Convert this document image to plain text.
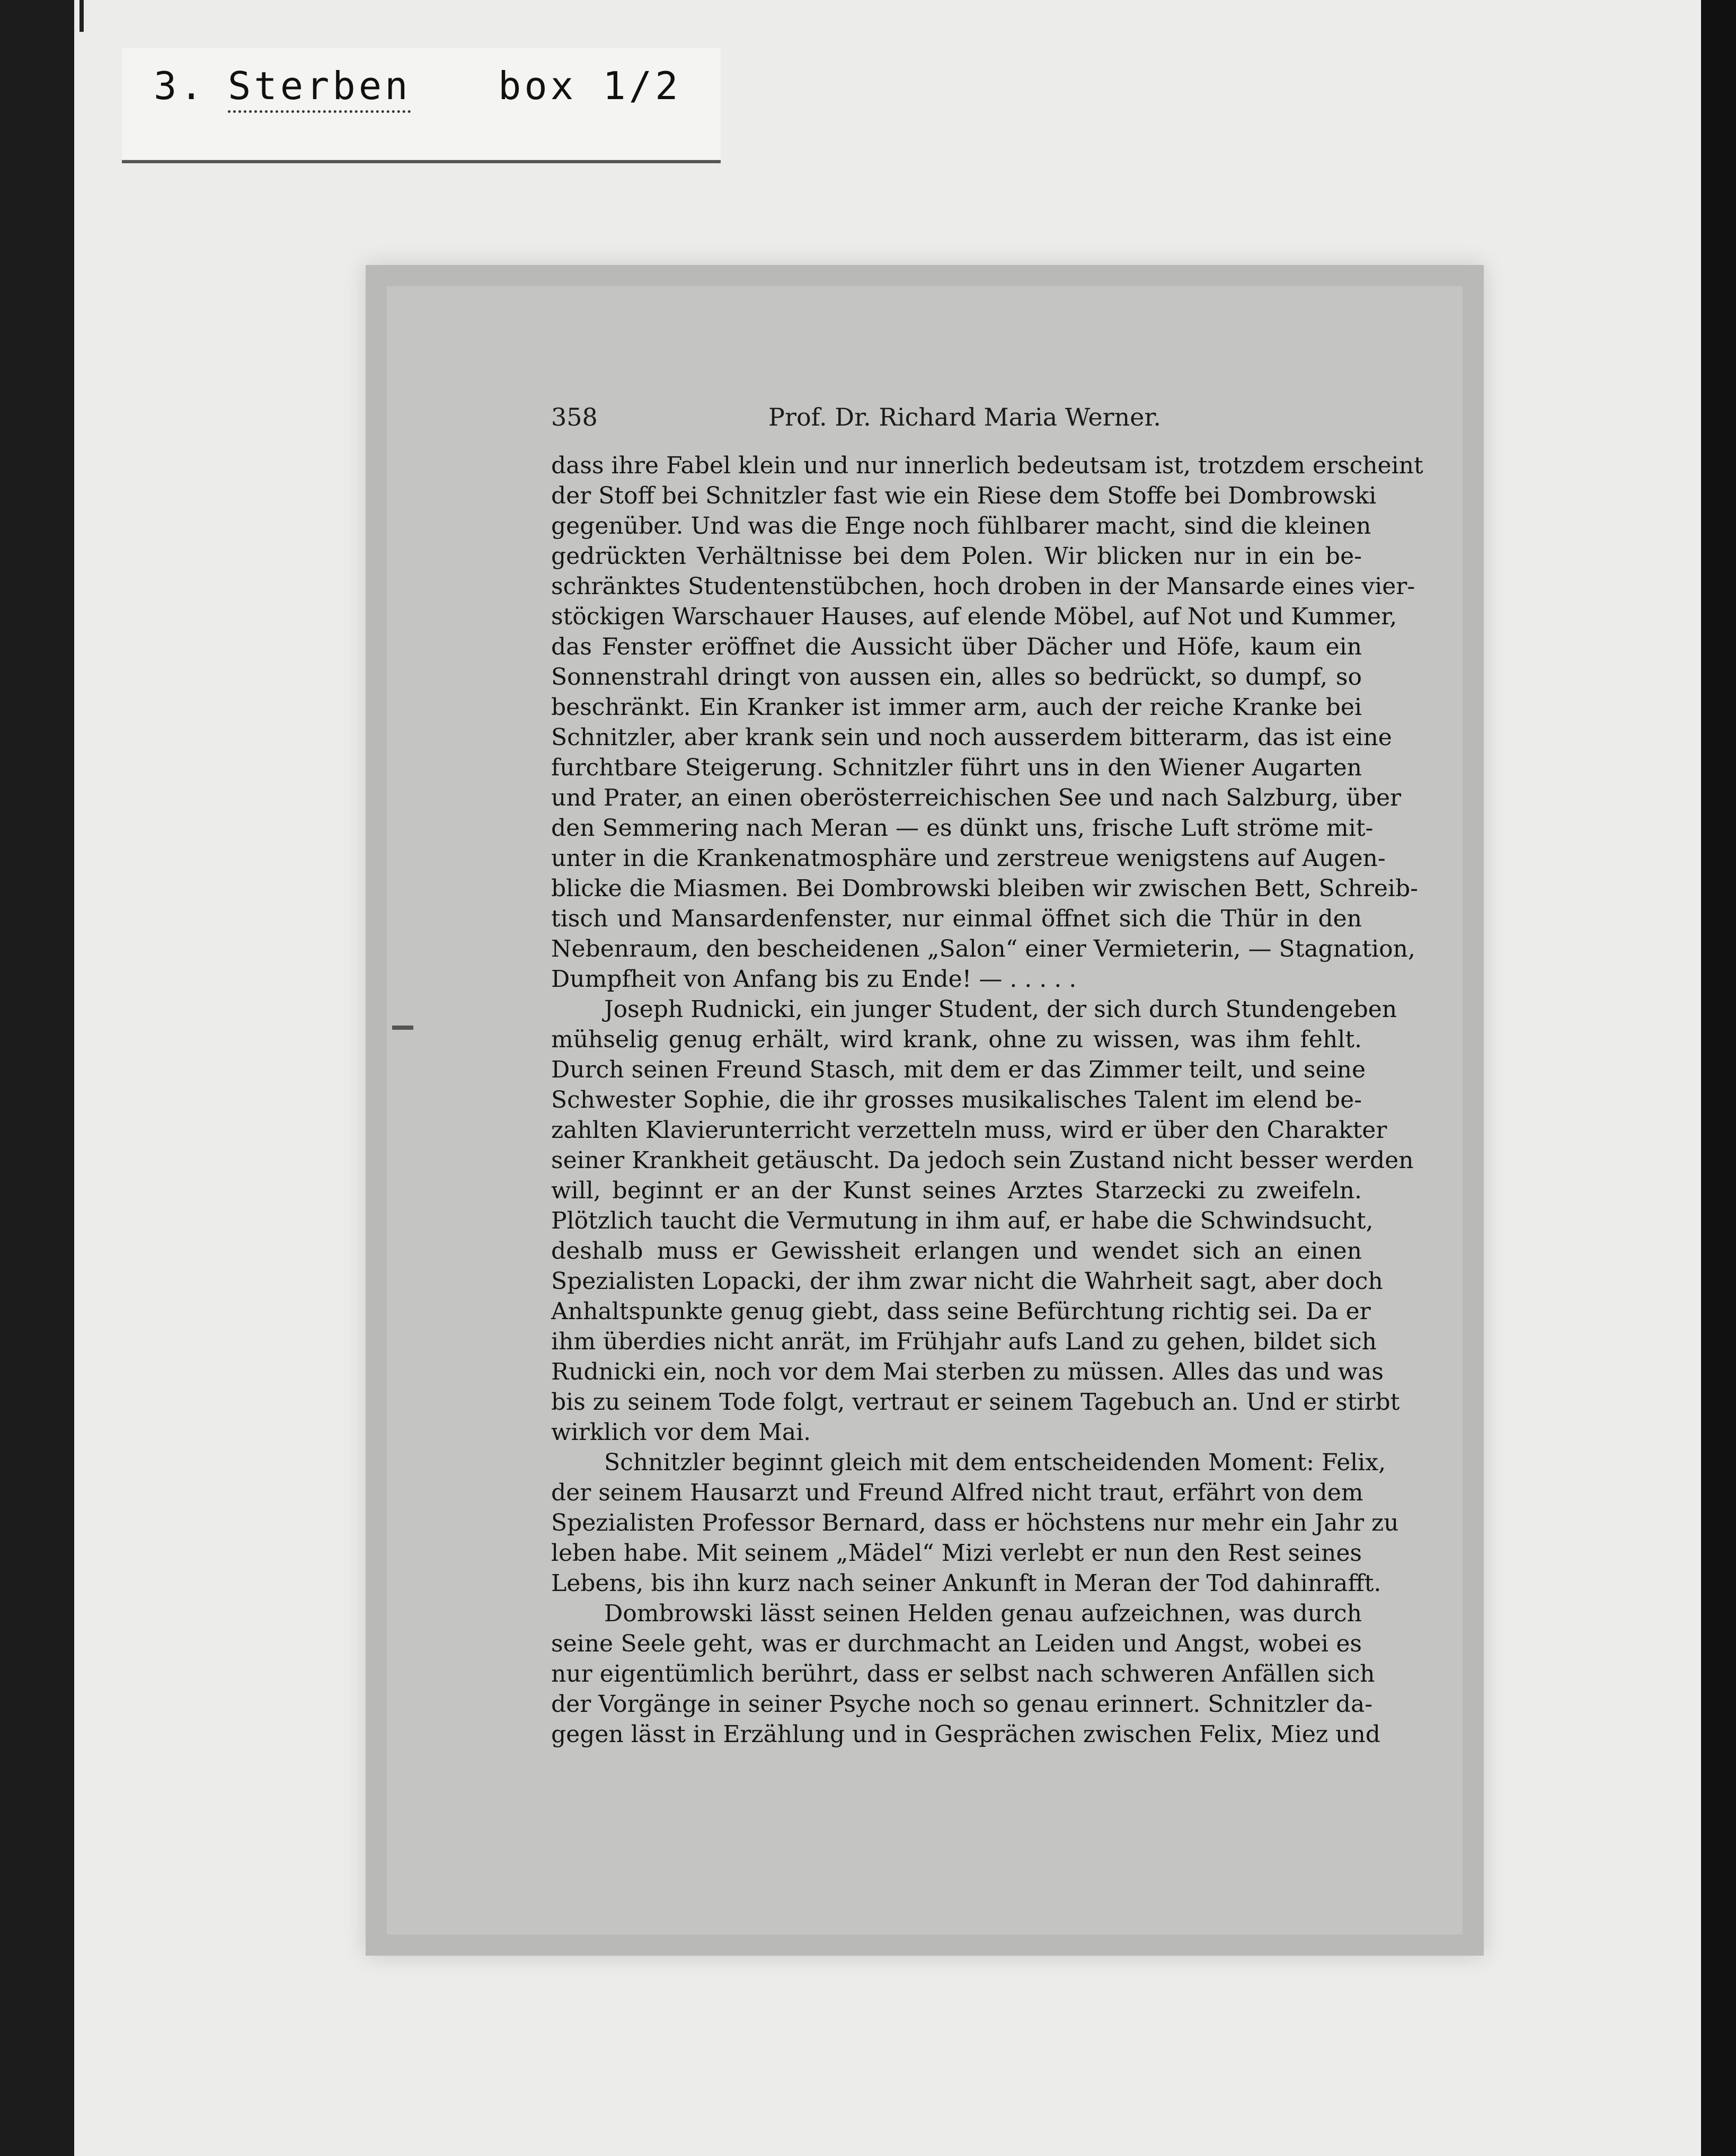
3. Sterben box 1/2
358	Prof. Dr. Richard Maria Werner.
dass ihre Fabel klein und nur innerlich bedeutsam ist, trotzdem erscheint
der Stoff bei Schnitzler fast wie ein Riese dem Stoffe bei Dombrowski
gegenüber. Und was die Enge noch fühlbarer macht, sind die kleinen
gedrückten Verhältnisse bei dem Polen. Wir blicken nur in ein be-
schränktes Studentenstübchen, hoch droben in der Mansarde eines vier-
stöckigen Warschauer Hauses, auf elende Möbel, auf Not und Kummer,
das Fenster eröffnet die Aussicht über Dächer und Höfe, kaum ein
Sonnenstrahl dringt von aussen ein, alles so bedrückt, so dumpf, so
beschränkt. Ein Kranker ist immer arm, auch der reiche Kranke bei
Schnitzler, aber krank sein und noch ausserdem bitterarm, das ist eine
furchtbare Steigerung. Schnitzler führt uns in den Wiener Augarten
und Prater, an einen oberösterreichischen See und nach Salzburg, über
den Semmering nach Meran — es dünkt uns, frische Luft ströme mit-
unter in die Krankenatmosphäre und zerstreue wenigstens auf Augen-
blicke die Miasmen. Bei Dombrowski bleiben wir zwischen Bett, Schreib-
tisch und Mansardenfenster, nur einmal öffnet sich die Thür in den
Nebenraum, den bescheidenen „Salon“ einer Vermieterin, — Stagnation,
Dumpfheit von Anfang bis zu Ende! — . . . . .
Joseph Rudnicki, ein junger Student, der sich durch Stundengeben
mühselig genug erhält, wird krank, ohne zu wissen, was ihm fehlt.
Durch seinen Freund Stasch, mit dem er das Zimmer teilt, und seine
Schwester Sophie, die ihr grosses musikalisches Talent im elend be-
zahlten Klavierunterricht verzetteln muss, wird er über den Charakter
seiner Krankheit getäuscht. Da jedoch sein Zustand nicht besser werden
will, beginnt er an der Kunst seines Arztes Starzecki zu zweifeln.
Plötzlich taucht die Vermutung in ihm auf, er habe die Schwindsucht,
deshalb muss er Gewissheit erlangen und wendet sich an einen
Spezialisten Lopacki, der ihm zwar nicht die Wahrheit sagt, aber doch
Anhaltspunkte genug giebt, dass seine Befürchtung richtig sei. Da er
ihm überdies nicht anrät, im Frühjahr aufs Land zu gehen, bildet sich
Rudnicki ein, noch vor dem Mai sterben zu müssen. Alles das und was
bis zu seinem Tode folgt, vertraut er seinem Tagebuch an. Und er stirbt
wirklich vor dem Mai.
Schnitzler beginnt gleich mit dem entscheidenden Moment: Felix,
der seinem Hausarzt und Freund Alfred nicht traut, erfährt von dem
Spezialisten Professor Bernard, dass er höchstens nur mehr ein Jahr zu
leben habe. Mit seinem „Mädel“ Mizi verlebt er nun den Rest seines
Lebens, bis ihn kurz nach seiner Ankunft in Meran der Tod dahinrafft.
Dombrowski lässt seinen Helden genau aufzeichnen, was durch
seine Seele geht, was er durchmacht an Leiden und Angst, wobei es
nur eigentümlich berührt, dass er selbst nach schweren Anfällen sich
der Vorgänge in seiner Psyche noch so genau erinnert. Schnitzler da-
gegen lässt in Erzählung und in Gesprächen zwischen Felix, Miez und
